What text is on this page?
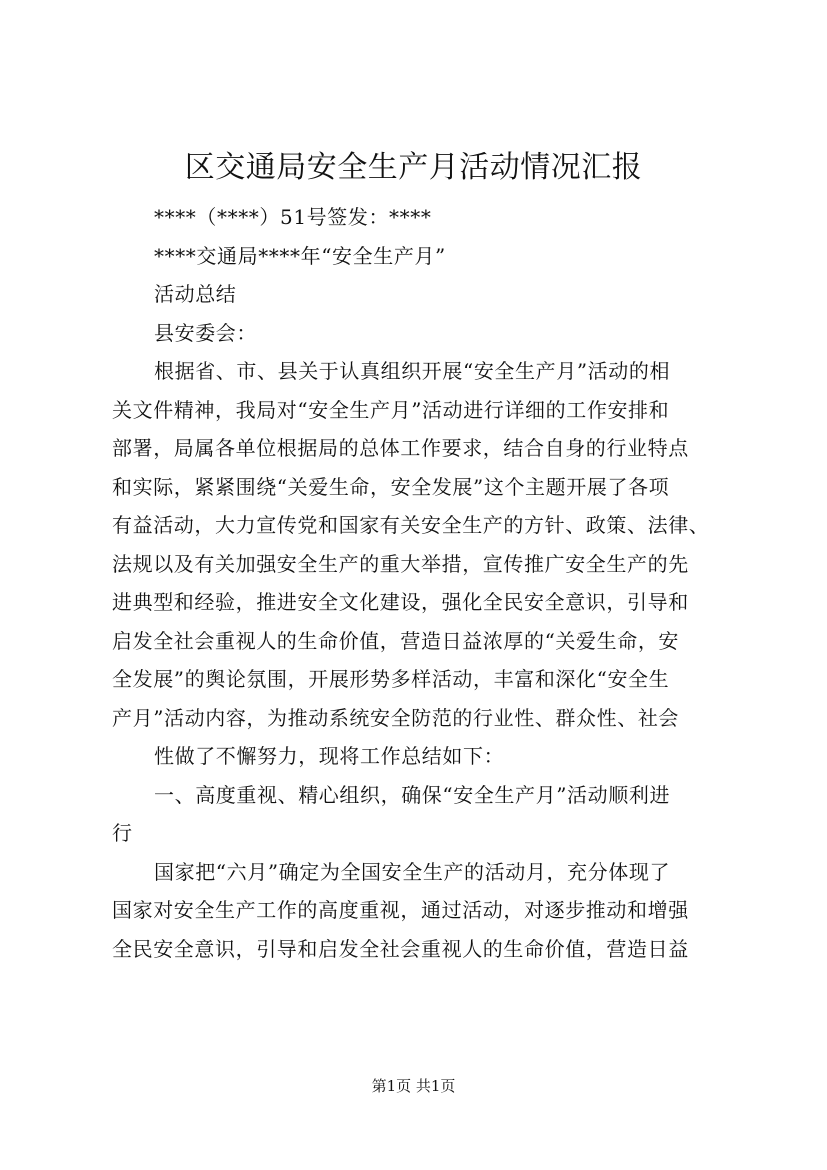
区交通局安全生产月活动情况汇报
****（****）51号签发：****
****交通局****年“安全生产月”
活动总结
县安委会：
根据省、市、县关于认真组织开展“安全生产月”活动的相
关文件精神，我局对“安全生产月”活动进行详细的工作安排和
部署，局属各单位根据局的总体工作要求，结合自身的行业特点
和实际，紧紧围绕“关爱生命，安全发展”这个主题开展了各项
有益活动，大力宣传党和国家有关安全生产的方针、政策、法律、
法规以及有关加强安全生产的重大举措，宣传推广安全生产的先
进典型和经验，推进安全文化建设，强化全民安全意识，引导和
启发全社会重视人的生命价值，营造日益浓厚的“关爱生命，安
全发展”的舆论氛围，开展形势多样活动，丰富和深化“安全生
产月”活动内容，为推动系统安全防范的行业性、群众性、社会
性做了不懈努力，现将工作总结如下：
一、高度重视、精心组织，确保“安全生产月”活动顺利进
行
国家把“六月”确定为全国安全生产的活动月，充分体现了
国家对安全生产工作的高度重视，通过活动，对逐步推动和增强
全民安全意识，引导和启发全社会重视人的生命价值，营造日益
第1页 共1页
